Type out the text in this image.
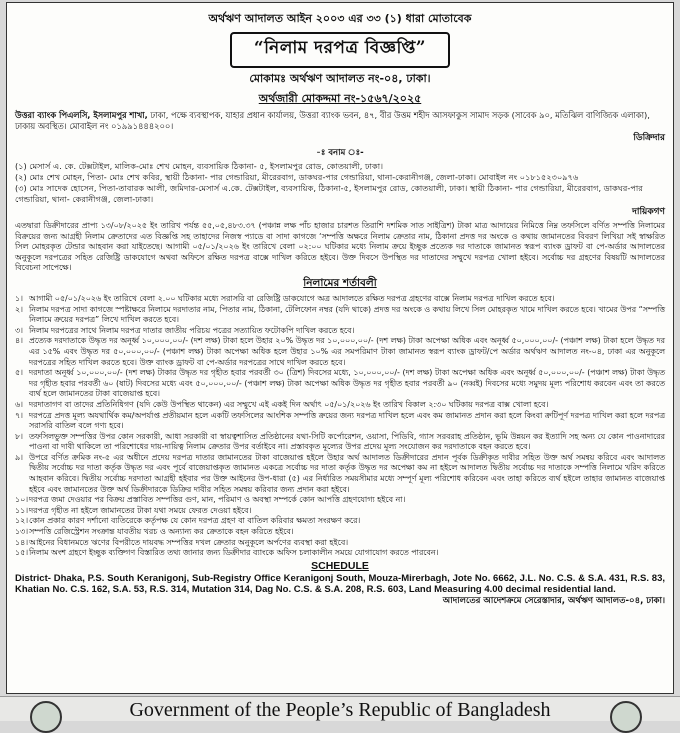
অর্থঋণ আদালত আইন ২০০৩ এর ৩৩ (১) ধারা মোতাবেক
“নিলাম দরপত্র বিজ্ঞপ্তি”
মোকামঃ অর্থঋণ আদালত নং-০৪, ঢাকা।
অর্থজারী মোকদ্দমা নং-১৫৬৭/২০২৫
উত্তরা ব্যাংক পিএলসি, ইসলামপুর শাখা, ঢাকা, পক্ষে ব্যবস্থাপক, যাহার প্রধান কার্যালয়, উত্তরা ব্যাংক ভবন, ৪৭, বীর উত্তম শহীদ আসফাকুস সামাদ সড়ক (সাবেক ৯০, মতিঝিল বাণিজ্যিক এলাকা), ঢাকায় অবস্থিত। মোবাইল নং ০১৯৯১৪৪৪২০০।
ডিক্রিদার
-ঃ বনাম ঃ-
(১) মেসার্স এ. কে. টেক্সটাইল, মালিক-মোঃ শেখ মোহন, ব্যবসায়িক ঠিকানা- ৫, ইসলামপুর রোড, কোতয়ালী, ঢাকা।
(২) মোঃ শেখ মোহন, পিতা- মোঃ শেখ কবির, স্থায়ী ঠিকানা- পার গেন্ডারিয়া, মীরেরবাগ, ডাকঘর-পার গেন্ডারিয়া, থানা-কেরানীগঞ্জ, জেলা-ঢাকা। মোবাইল নং ০১৮১৫২৩০৯৭৬
(৩) মোঃ সাদেক হোসেন, পিতা-তাবারক আলী, জমিদার-মেসার্স এ.কে. টেক্সটাইল, ব্যবসায়িক, ঠিকানা-৫, ইসলামপুর রোড, কোতয়ালী, ঢাকা। স্থায়ী ঠিকানা- পার গেন্ডারিয়া, মীরেরবাগ, ডাকঘর-পার গেন্ডারিয়া, থানা- কেরানীগঞ্জ, জেলা-ঢাকা।
দায়িকগণ
এতদ্বারা ডিক্রীদারের প্রাপ্য ১৩/০৮/২০২৫ ইং তারিখ পর্যন্ত ৫৫,০৫,৪৮৩.৩৭ (পঞ্চান্ন লক্ষ পাঁচ হাজার চারশত তিরাশি দশমিক সাত সাইত্রিশ) টাকা মাত্র আদায়ের নিমিত্তে নিম্ন তফসিলে বর্ণিত সম্পত্তি নিলামের বিক্রয়ের জন্য আগ্রহী নিলাম ক্রেতাদের এত বিজ্ঞপ্তি সহ তাহাদের নিজস্ব প্যাডে বা সাদা কাগজে ‘সম্পত্তি অক্ষরে নিলাম ক্রেতার নাম, ঠিকানা প্রদত্ত দর অংকে ও কথায় জামানতের বিবরণ লিখিয়া সই স্বাক্ষরিত সিল মোহরকৃত টেন্ডার আহবান করা যাইতেছে। আগামী ০৫/০১/২০২৬ ইং তারিখে বেলা ০২:০০ ঘটিকার মধ্যে নিলাম ক্রয়ে ইচ্ছুক প্রত্যেক দর দাতাকে জামানত স্বরূপ ব্যাংক ড্রাফট বা পে-অর্ডার আদালতের অনুকূলে দরপত্রের সহিত রেজিষ্ট্রি ডাকযোগে অথবা অফিসে রক্ষিত দরপত্র বাক্সে দাখিল করিতে হইবে। উক্ত দিবসে উপস্থিত দর দাতাদের সম্মুখে দরপত্র খোলা হইবে। সর্বোচ্চ দর গ্রহণের বিষয়টি আদালতের বিবেচনা সাপেক্ষে।
নিলামের শর্তাবলী
১। আগামী ০৫/০১/২০২৬ ইং তারিখে বেলা ২.০০ ঘটিকার মধ্যে সরাসরি বা রেজিষ্ট্রি ডাকযোগে অত্র আদালতে রক্ষিত দরপত্র গ্রহণের বাক্সে নিলাম দরপত্র দাখিল করতে হবে।
২। নিলাম দরপত্র সাদা কাগজে স্পষ্টাক্ষরে নিলামে দরদাতার নাম, পিতার নাম, ঠিকানা, টেলিফোন নম্বর (যদি থাকে) প্রদত্ত দর অংকে ও কথায় লিখে সিল মোহরকৃত খামে দাখিল করতে হবে। খামের উপর “সম্পত্তি নিলামে ক্রয়ের দরপত্র” লিখে দাখিল করতে হবে।
৩। নিলাম দরপত্রের সাথে নিলাম দরপত্র দাতার জাতীয় পরিচয় পত্রের সত্যায়িত ফটোকপি দাখিল করতে হবে।
৪। প্রত্যেক দরদাতাকে উদ্ধৃত দর অনূর্ধ্ব ১০,০০০,০০/- (দশ লক্ষ) টাকা হলে উহার ২০% উদ্ধৃত দর ১০,০০০,০০/- (দশ লক্ষ) টাকা অপেক্ষা অধিক এবং অনূর্ধ্ব ৫০,০০০,০০/- (পঞ্চাশ লক্ষ) টাকা হলে উদ্ধৃত দর এর ১৫% এবং উদ্ধৃত দর ৫০,০০০,০০/- (পঞ্চাশ লক্ষ) টাকা অপেক্ষা অধিক হলে উহার ১০% এর সমপরিমাণ টাকা জামানত স্বরূপ ব্যাংক ড্রাফট/পে অর্ডার অর্থঋণ আদালত নং-০৪, ঢাকা এর অনুকূলে দরপত্রের সহিত দাখিল করতে হবে। উক্ত ব্যাংক ড্রাফট বা পে-অর্ডার দরপত্রের সাথে দাখিল করতে হবে।
৫। দরদাতা অনূর্ধ্ব ১০,০০০,০০/- (দশ লক্ষ) টাকার উদ্ধৃত দর গৃহীত হবার পরবর্তী ৩০ (ত্রিশ) দিবসের মধ্যে, ১০,০০০,০০/- (দশ লক্ষ) টাকা অপেক্ষা অধিক এবং অনূর্ধ্ব ৫০,০০০,০০/- (পঞ্চাশ লক্ষ) টাকা উদ্ধৃত দর গৃহীত হবার পরবর্তী ৬০ (ষাট) দিবসের মধ্যে এবং ৫০,০০০,০০/- (পঞ্চাশ লক্ষ) টাকা অপেক্ষা অধিক উদ্ধৃত দর গৃহীত হবার পরবর্তী ৯০ (নব্বই) দিবসের মধ্যে সমুদয় মূল্য পরিশোধ করবেন এবং তা করতে ব্যর্থ হলে জামানতের টাকা বাজেয়াপ্ত হবে।
৬। দরদাতাগণ বা তাদের প্রতিনিধিগণ (যদি কেউ উপস্থিত থাকেন) এর সম্মুখে এই একই দিন অর্থাৎ ০৫/০১/২০২৬ ইং তারিখ বিকাল ২:৩০ ঘটিকায় দরপত্র বাক্স খোলা হবে।
৭। দরপত্রে প্রদত্ত মূল্য অযথার্থিক কম/অপর্যাপ্ত প্রতীয়মান হলে একটি তফসিলের আংশিক সম্পত্তি ক্রয়ের জন্য দরপত্র দাখিল হলে এবং কম জামানত প্রদান করা হলে কিংবা ক্রটিপূর্ণ দরপত্র দাখিল করা হলে দরপত্র সরাসরি বাতিল বলে গণ্য হবে।
৮। তফসিলভুক্ত সম্পত্তির উপর কোন সরকারী, আধা সরকারী বা স্বায়ত্বশাসিত প্রতিষ্ঠানের যথা-সিটি কর্পোরেশন, ওয়াসা, পিডিবি, গ্যাস সরবরাহ প্রতিষ্ঠান, ভূমি উন্নয়ন কর ইত্যাদি সহ অন্য যে কোন পাওনাদারের পাওনা বা দাবী থাকিলে তা পরিশোধের দায়-দায়িত্ব নিলাম ক্রেতার উপর বর্তাইবে না। প্রস্তাবকৃত মূল্যের উপর প্রদেয় মূল্য সংযোজন কর দরদাতাকে বহন করতে হবে।
৯। উপরে বর্ণিত ক্রমিক নং-৫ এর অধীনে প্রদেয় দরপত্র দাতার জামানতের টাকা বাজেয়াপ্ত হইলে উহার অর্থ আদালত ডিক্রীদারের প্রদান পূর্বক ডিক্রীকৃত দাবীর সহিত উক্ত অর্থ সমন্বয় করিবে এবং আদালত দ্বিতীয় সর্বোচ্চ দর দাতা কর্তৃক উদ্ধৃত দর এবং পূর্বে বাজেয়াপ্তকৃত জামানত একত্রে সর্বোচ্চ দর দাতা কর্তৃক উদ্ধৃত দর অপেক্ষা কম না হইলে আদালত দ্বিতীয় সর্বোচ্চ দর দাতাকে সম্পত্তি নিলামে খরিদ করিতে আহবান করিবে। দ্বিতীয় সর্বোচ্চ দরদাতা আগ্রহী হইবার পর উক্ত আইনের উপ-ধারা (৫) এর নির্ধারিত সময়সীমার মধ্যে সম্পূর্ণ মূল্য পরিশোধ করিবেন এবং তাহা করিতে ব্যর্থ হইলে তাহার জামানত বাজেয়াপ্ত হইবে এবং জামানতের উক্ত অর্থ ডিক্রীদারকে ডিক্রির দাবীর সহিত সমন্বয় করিবার জন্য প্রদান করা হইবে।
১০। দরপত্র জমা দেওয়ার পর বিক্রয় প্রস্তাবিত সম্পত্তির গুণ, মান, পরিমাণ ও অবস্থা সম্পর্কে কোন আপত্তি গ্রহণযোগ্য হইবে না।
১১। দরপত্র গৃহীত না হইলে জামানতের টাকা যথা সময়ে ফেরত দেওয়া হইবে।
১২। কোন প্রকার কারণ দর্শানো ব্যতিরেকে কর্তৃপক্ষ যে কোন দরপত্র গ্রহণ বা বাতিল করিবার ক্ষমতা সংরক্ষণ করে।
১৩। সম্পত্তি রেজিস্ট্রেশন সংক্রান্ত যাবতীয় খরচ ও অন্যান্য কর ক্রেতাকে বহন করিতে হইবে।
১৪। আইনের বিধানমতে ঋণের বিপরীতে দায়বদ্ধ সম্পত্তির দখল ক্রেতার অনুকূলে অর্পণের ব্যবস্থা করা হইবে।
১৫। নিলাম অংশ গ্রহণে ইচ্ছুক ব্যক্তিগণ বিস্তারিত তথ্য জানার জন্য ডিক্রীদার ব্যাংকে অফিস চলাকালীন সময়ে যোগাযোগ করতে পারবেন।
SCHEDULE
District- Dhaka, P.S. South Keranigonj, Sub-Registry Office Keranigonj South, Mouza-Mirerbagh, Jote No. 6662, J.L. No. C.S. & S.A. 431, R.S. 83, Khatian No. C.S. 162, S.A. 53, R.S. 314, Mutation 314, Dag No. C.S. & S.A. 208, R.S. 603, Land Measuring 4.00 decimal residential land.
আদালতের আদেশক্রমে সেরেস্তাদার, অর্থঋণ আদালত-০৪, ঢাকা।
Government of the People’s Republic of Bangladesh
